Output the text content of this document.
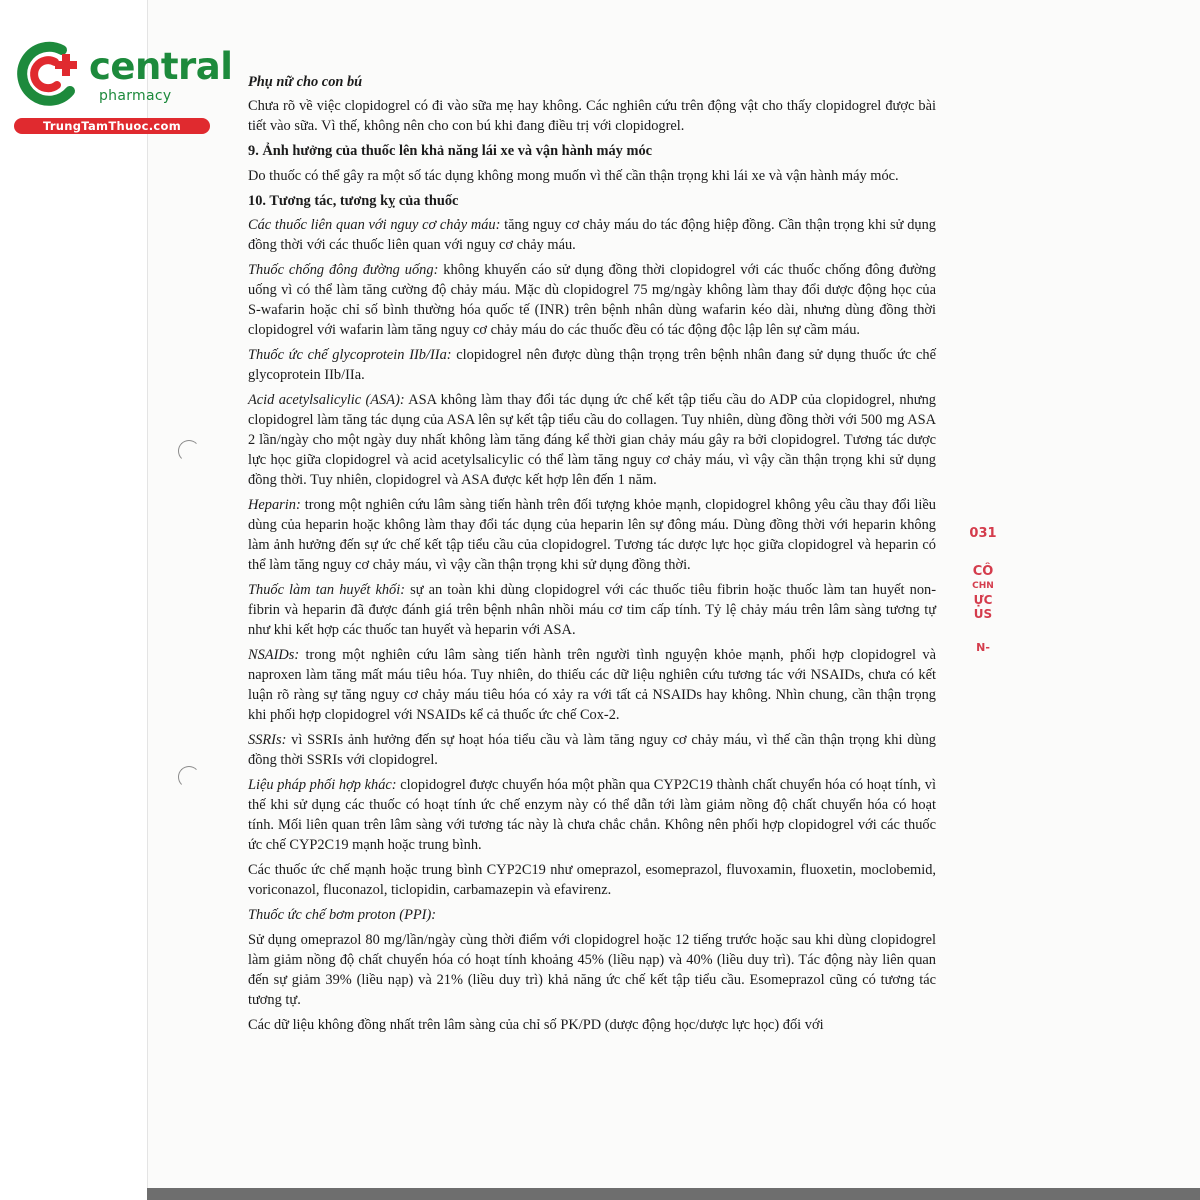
central
pharmacy
TrungTamThuoc.com

Phụ nữ cho con bú

Chưa rõ về việc clopidogrel có đi vào sữa mẹ hay không. Các nghiên cứu trên động vật cho thấy clopidogrel được bài tiết vào sữa. Vì thế, không nên cho con bú khi đang điều trị với clopidogrel.

9. Ảnh hưởng của thuốc lên khả năng lái xe và vận hành máy móc

Do thuốc có thể gây ra một số tác dụng không mong muốn vì thế cần thận trọng khi lái xe và vận hành máy móc.

10. Tương tác, tương kỵ của thuốc

Các thuốc liên quan với nguy cơ chảy máu: tăng nguy cơ chảy máu do tác động hiệp đồng. Cần thận trọng khi sử dụng đồng thời với các thuốc liên quan với nguy cơ chảy máu.

Thuốc chống đông đường uống: không khuyến cáo sử dụng đồng thời clopidogrel với các thuốc chống đông đường uống vì có thể làm tăng cường độ chảy máu. Mặc dù clopidogrel 75 mg/ngày không làm thay đổi dược động học của S-wafarin hoặc chỉ số bình thường hóa quốc tế (INR) trên bệnh nhân dùng wafarin kéo dài, nhưng dùng đồng thời clopidogrel với wafarin làm tăng nguy cơ chảy máu do các thuốc đều có tác động độc lập lên sự cầm máu.

Thuốc ức chế glycoprotein IIb/IIa: clopidogrel nên được dùng thận trọng trên bệnh nhân đang sử dụng thuốc ức chế glycoprotein IIb/IIa.

Acid acetylsalicylic (ASA): ASA không làm thay đổi tác dụng ức chế kết tập tiểu cầu do ADP của clopidogrel, nhưng clopidogrel làm tăng tác dụng của ASA lên sự kết tập tiểu cầu do collagen. Tuy nhiên, dùng đồng thời với 500 mg ASA 2 lần/ngày cho một ngày duy nhất không làm tăng đáng kể thời gian chảy máu gây ra bởi clopidogrel. Tương tác dược lực học giữa clopidogrel và acid acetylsalicylic có thể làm tăng nguy cơ chảy máu, vì vậy cần thận trọng khi sử dụng đồng thời. Tuy nhiên, clopidogrel và ASA được kết hợp lên đến 1 năm.

Heparin: trong một nghiên cứu lâm sàng tiến hành trên đối tượng khỏe mạnh, clopidogrel không yêu cầu thay đổi liều dùng của heparin hoặc không làm thay đổi tác dụng của heparin lên sự đông máu. Dùng đồng thời với heparin không làm ảnh hưởng đến sự ức chế kết tập tiểu cầu của clopidogrel. Tương tác dược lực học giữa clopidogrel và heparin có thể làm tăng nguy cơ chảy máu, vì vậy cần thận trọng khi sử dụng đồng thời.

Thuốc làm tan huyết khối: sự an toàn khi dùng clopidogrel với các thuốc tiêu fibrin hoặc thuốc làm tan huyết non-fibrin và heparin đã được đánh giá trên bệnh nhân nhồi máu cơ tim cấp tính. Tỷ lệ chảy máu trên lâm sàng tương tự như khi kết hợp các thuốc tan huyết và heparin với ASA.

NSAIDs: trong một nghiên cứu lâm sàng tiến hành trên người tình nguyện khỏe mạnh, phối hợp clopidogrel và naproxen làm tăng mất máu tiêu hóa. Tuy nhiên, do thiếu các dữ liệu nghiên cứu tương tác với NSAIDs, chưa có kết luận rõ ràng sự tăng nguy cơ chảy máu tiêu hóa có xảy ra với tất cả NSAIDs hay không. Nhìn chung, cần thận trọng khi phối hợp clopidogrel với NSAIDs kể cả thuốc ức chế Cox-2.

SSRIs: vì SSRIs ảnh hưởng đến sự hoạt hóa tiểu cầu và làm tăng nguy cơ chảy máu, vì thế cần thận trọng khi dùng đồng thời SSRIs với clopidogrel.

Liệu pháp phối hợp khác: clopidogrel được chuyển hóa một phần qua CYP2C19 thành chất chuyển hóa có hoạt tính, vì thế khi sử dụng các thuốc có hoạt tính ức chế enzym này có thể dẫn tới làm giảm nồng độ chất chuyển hóa có hoạt tính. Mối liên quan trên lâm sàng với tương tác này là chưa chắc chắn. Không nên phối hợp clopidogrel với các thuốc ức chế CYP2C19 mạnh hoặc trung bình.

Các thuốc ức chế mạnh hoặc trung bình CYP2C19 như omeprazol, esomeprazol, fluvoxamin, fluoxetin, moclobemid, voriconazol, fluconazol, ticlopidin, carbamazepin và efavirenz.

Thuốc ức chế bơm proton (PPI):

Sử dụng omeprazol 80 mg/lần/ngày cùng thời điểm với clopidogrel hoặc 12 tiếng trước hoặc sau khi dùng clopidogrel làm giảm nồng độ chất chuyển hóa có hoạt tính khoảng 45% (liều nạp) và 40% (liều duy trì). Tác động này liên quan đến sự giảm 39% (liều nạp) và 21% (liều duy trì) khả năng ức chế kết tập tiểu cầu. Esomeprazol cũng có tương tác tương tự.

Các dữ liệu không đồng nhất trên lâm sàng của chỉ số PK/PD (dược động học/dược lực học) đối với

031
CÔ
CHN
ỰC
US
N-
